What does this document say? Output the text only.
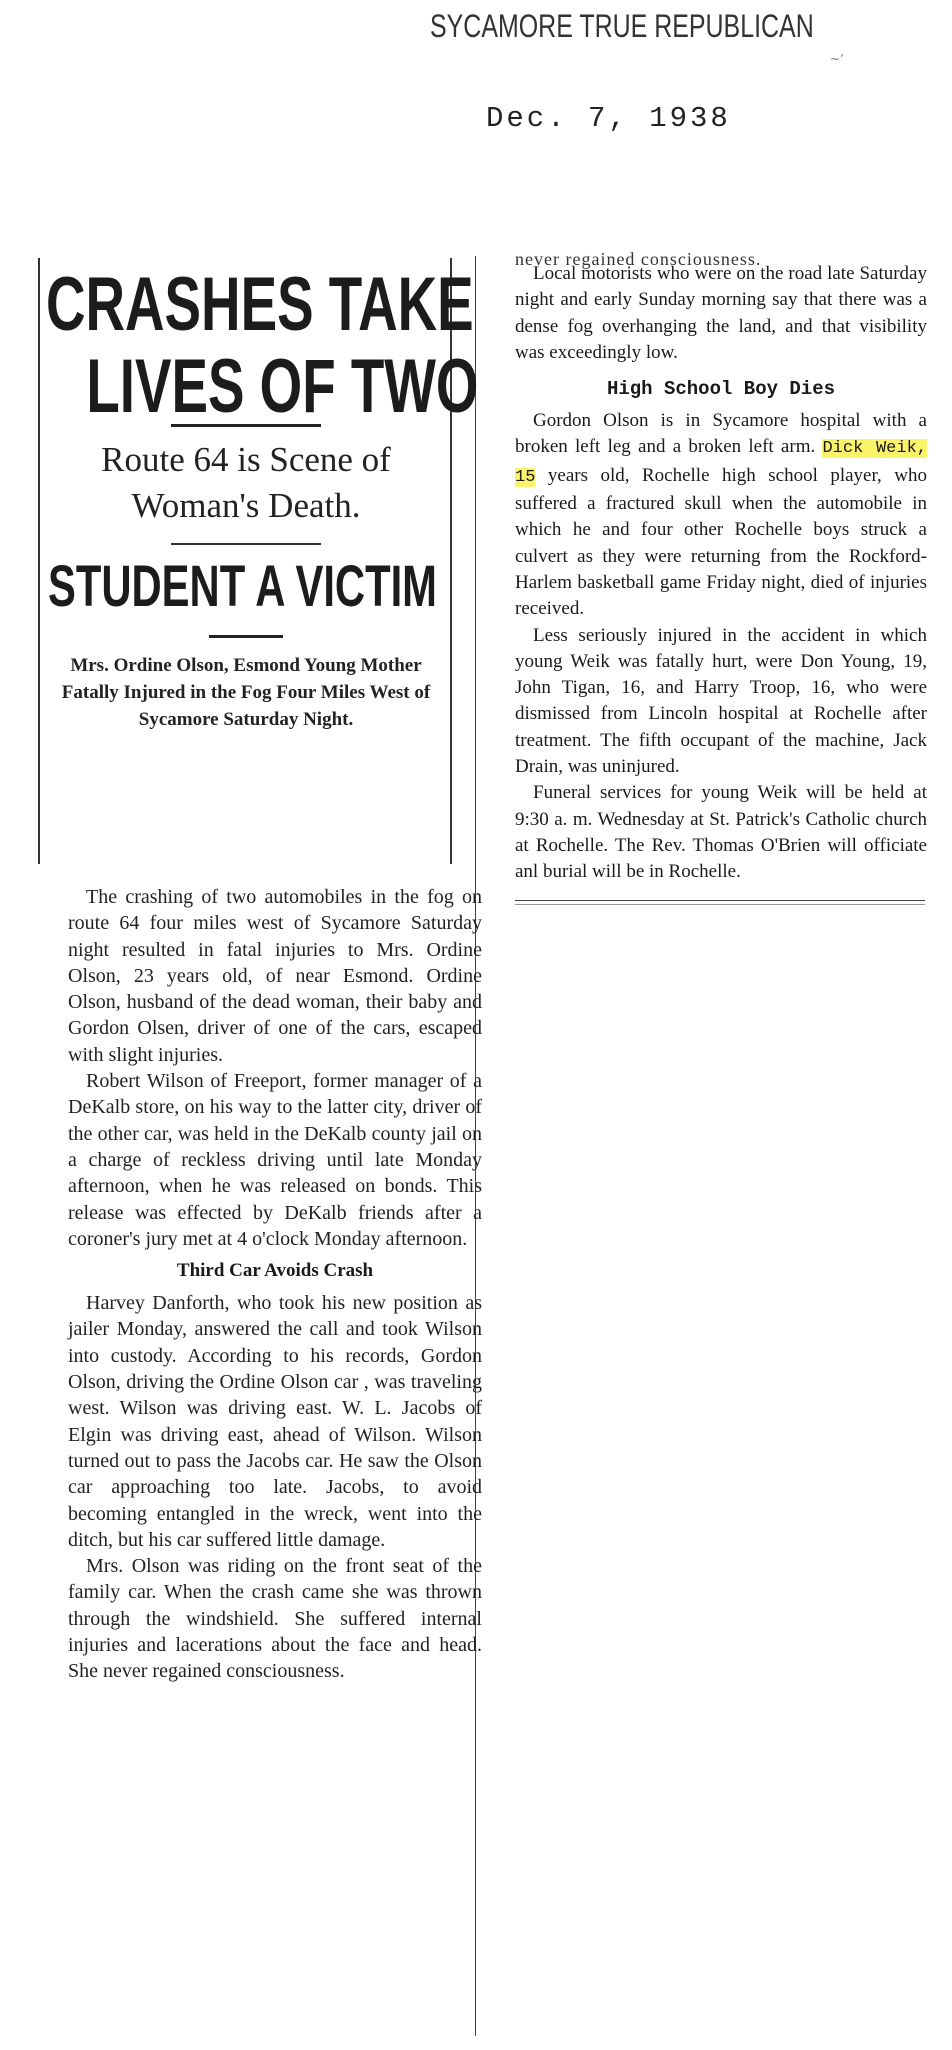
SYCAMORE TRUE REPUBLICAN
~ʼ
Dec. 7, 1938
CRASHES TAKE
LIVES OF TWO

Route 64 is Scene of Woman's Death.

STUDENT A VICTIM

Mrs. Ordine Olson, Esmond Young Mother Fatally Injured in the Fog Four Miles West of Sycamore Saturday Night.

The crashing of two automobiles in the fog on route 64 four miles west of Sycamore Saturday night resulted in fatal injuries to Mrs. Ordine Olson, 23 years old, of near Esmond. Ordine Olson, husband of the dead woman, their baby and Gordon Olsen, driver of one of the cars, escaped with slight injuries.

Robert Wilson of Freeport, former manager of a DeKalb store, on his way to the latter city, driver of the other car, was held in the DeKalb county jail on a charge of reckless driving until late Monday afternoon, when he was released on bonds. This release was effected by DeKalb friends after a coroner's jury met at 4 o'clock Monday afternoon.

Third Car Avoids Crash

Harvey Danforth, who took his new position as jailer Monday, answered the call and took Wilson into custody. According to his records, Gordon Olson, driving the Ordine Olson car , was traveling west. Wilson was driving east. W. L. Jacobs of Elgin was driving east, ahead of Wilson. Wilson turned out to pass the Jacobs car. He saw the Olson car approaching too late. Jacobs, to avoid becoming entangled in the wreck, went into the ditch, but his car suffered little damage.

Mrs. Olson was riding on the front seat of the family car. When the crash came she was thrown through the windshield. She suffered internal injuries and lacerations about the face and head. She never regained consciousness.

never regained consciousness.

Local motorists who were on the road late Saturday night and early Sunday morning say that there was a dense fog overhanging the land, and that visibility was exceedingly low.

High School Boy Dies

Gordon Olson is in Sycamore hospital with a broken left leg and a broken left arm. Dick Weik, 15 years old, Rochelle high school player, who suffered a fractured skull when the automobile in which he and four other Rochelle boys struck a culvert as they were returning from the Rockford-Harlem basketball game Friday night, died of injuries received.

Less seriously injured in the accident in which young Weik was fatally hurt, were Don Young, 19, John Tigan, 16, and Harry Troop, 16, who were dismissed from Lincoln hospital at Rochelle after treatment. The fifth occupant of the machine, Jack Drain, was uninjured.

Funeral services for young Weik will be held at 9:30 a. m. Wednesday at St. Patrick's Catholic church at Rochelle. The Rev. Thomas O'Brien will officiate anl burial will be in Rochelle.
